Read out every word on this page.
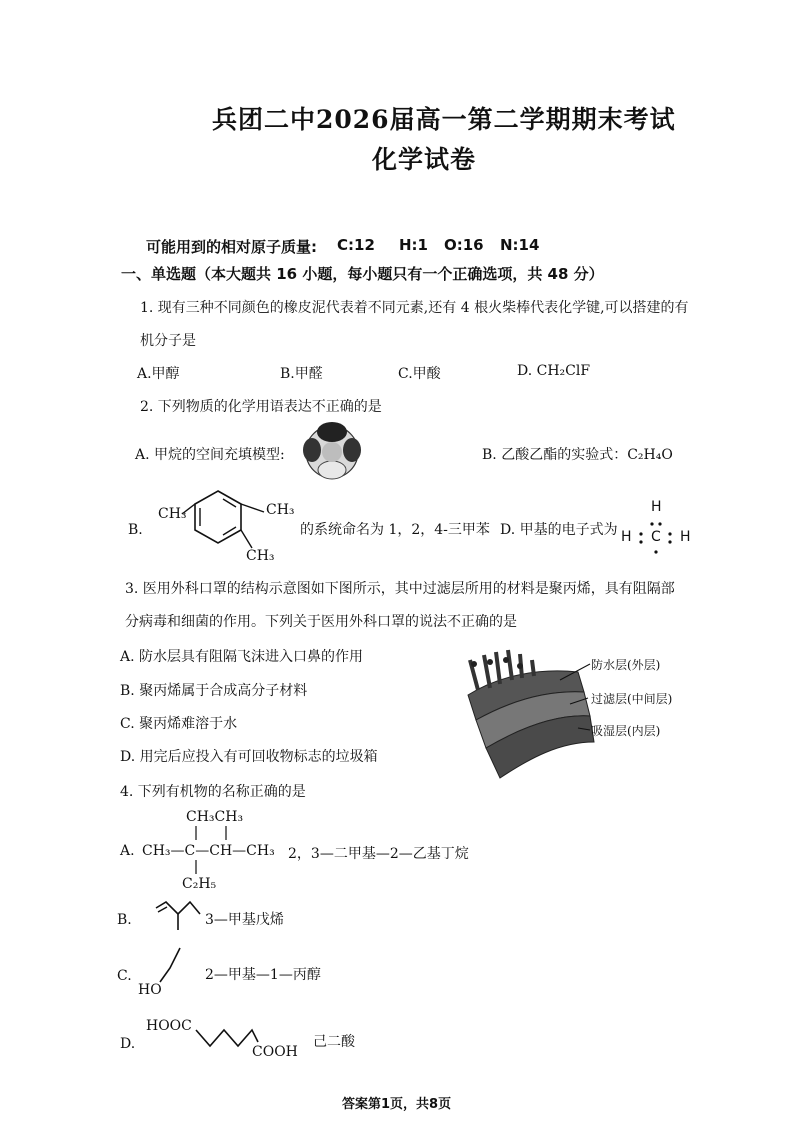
兵团二中2026届高一第二学期期末考试
化学试卷
可能用到的相对原子质量: C:12 H:1 O:16 N:14
一、单选题（本大题共 16 小题，每小题只有一个正确选项，共 48 分）
1. 现有三种不同颜色的橡皮泥代表着不同元素,还有 4 根火柴棒代表化学键,可以搭建的有
机分子是
A.甲醇	B.甲醛	C.甲酸	D. CH₂ClF
2. 下列物质的化学用语表达不正确的是
A. 甲烷的空间充填模型:	B. 乙酸乙酯的实验式：C₂H₄O
B.
CH₃	CH₃
CH₃
的系统命名为 1，2，4-三甲苯 D. 甲基的电子式为
H
H C H
3. 医用外科口罩的结构示意图如下图所示，其中过滤层所用的材料是聚丙烯，具有阻隔部
分病毒和细菌的作用。下列关于医用外科口罩的说法不正确的是
A. 防水层具有阻隔飞沫进入口鼻的作用
B. 聚丙烯属于合成高分子材料
C. 聚丙烯难溶于水
D. 用完后应投入有可回收物标志的垃圾箱
防水层(外层)
过滤层(中间层)
吸湿层(内层)
4. 下列有机物的名称正确的是
A.
CH₃CH₃
CH₃—C—CH—CH₃
C₂H₅
2，3—二甲基—2—乙基丁烷
B.	3—甲基戊烯
C.
HO
2—甲基—1—丙醇
D.
HOOC
COOH
己二酸
答案第1页，共8页
